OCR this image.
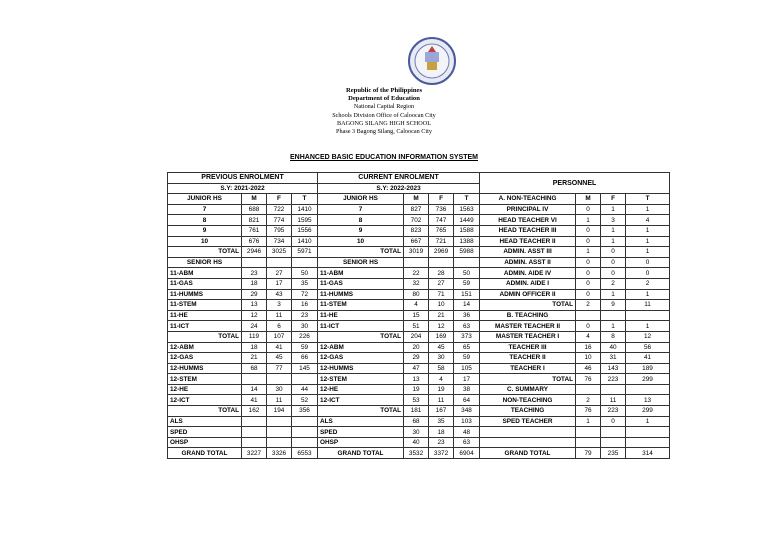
Republic of the Philippines
Department of Education
National Capital Region
Schools Division Office of Caloocan City
BAGONG SILANG HIGH SCHOOL
Phase 3 Bagong Silang, Caloocan City
ENHANCED BASIC EDUCATION INFORMATION SYSTEM
PREVIOUS ENROLMENT				CURRENT ENROLMENT				PERSONNEL			
S.Y: 2021-2022				S.Y: 2022-2023							
JUNIOR HS	M	F	T	JUNIOR HS	M	F	T	A. NON-TEACHING	M	F	T
7	688	722	1410	7	827	736	1563	PRINCIPAL IV	0	1	1
8	821	774	1595	8	702	747	1449	HEAD TEACHER VI	1	3	4
9	761	795	1556	9	823	765	1588	HEAD TEACHER III	0	1	1
10	676	734	1410	10	667	721	1388	HEAD TEACHER II	0	1	1
TOTAL	2946	3025	5971	TOTAL	3019	2969	5988	ADMIN. ASST III	1	0	1
SENIOR HS				SENIOR HS				ADMIN. ASST II	0	0	0
11-ABM	23	27	50	11-ABM	22	28	50	ADMIN. AIDE IV	0	0	0
11-GAS	18	17	35	11-GAS	32	27	59	ADMIN. AIDE I	0	2	2
11-HUMMS	29	43	72	11-HUMMS	80	71	151	ADMIN OFFICER II	0	1	1
11-STEM	13	3	16	11-STEM	4	10	14	TOTAL	2	9	11
11-HE	12	11	23	11-HE	15	21	36	B. TEACHING			
11-ICT	24	6	30	11-ICT	51	12	63	MASTER TEACHER II	0	1	1
TOTAL	119	107	226	TOTAL	204	169	373	MASTER TEACHER I	4	8	12
12-ABM	18	41	59	12-ABM	20	45	65	TEACHER III	16	40	56
12-GAS	21	45	66	12-GAS	29	30	59	TEACHER II	10	31	41
12-HUMMS	68	77	145	12-HUMMS	47	58	105	TEACHER I	46	143	189
12-STEM				12-STEM	13	4	17	TOTAL	76	223	299
12-HE	14	30	44	12-HE	19	19	38	C. SUMMARY			
12-ICT	41	11	52	12-ICT	53	11	64	NON-TEACHING	2	11	13
TOTAL	162	194	356	TOTAL	181	167	348	TEACHING	76	223	299
ALS				ALS	68	35	103	SPED TEACHER	1	0	1
SPED				SPED	30	18	48				
OHSP				OHSP	40	23	63				
GRAND TOTAL	3227	3326	6553	GRAND TOTAL	3532	3372	6904	GRAND TOTAL	79	235	314
